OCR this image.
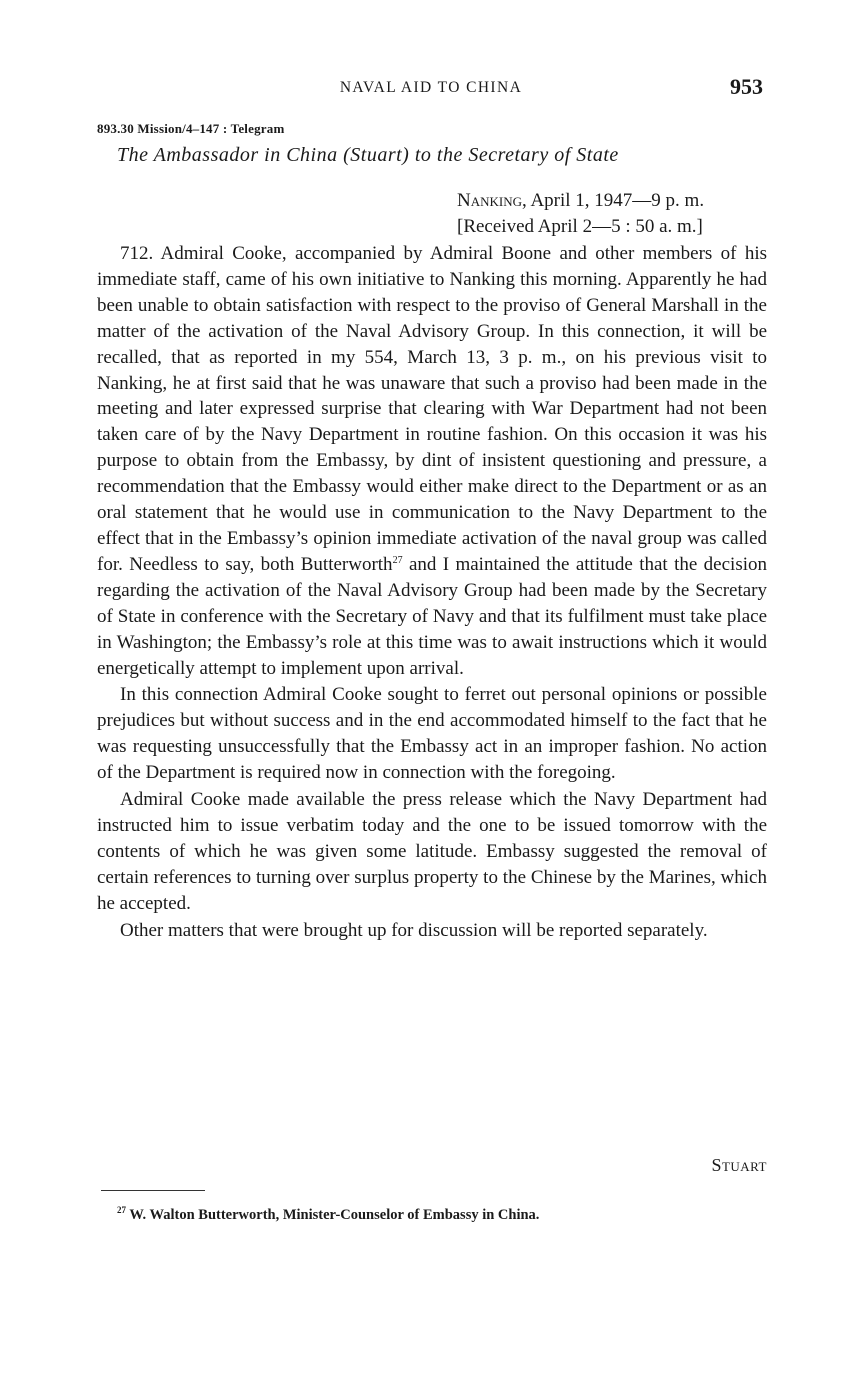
NAVAL AID TO CHINA	953
893.30 Mission/4–147 : Telegram
The Ambassador in China (Stuart) to the Secretary of State
Nanking, April 1, 1947—9 p. m.
[Received April 2—5 : 50 a. m.]

712. Admiral Cooke, accompanied by Admiral Boone and other members of his immediate staff, came of his own initiative to Nanking this morning. Apparently he had been unable to obtain satisfaction with respect to the proviso of General Marshall in the matter of the activation of the Naval Advisory Group. In this connection, it will be recalled, that as reported in my 554, March 13, 3 p. m., on his previous visit to Nanking, he at first said that he was unaware that such a proviso had been made in the meeting and later expressed surprise that clearing with War Department had not been taken care of by the Navy Department in routine fashion. On this occasion it was his purpose to obtain from the Embassy, by dint of insistent questioning and pressure, a recommendation that the Embassy would either make direct to the Department or as an oral statement that he would use in communication to the Navy Department to the effect that in the Embassy’s opinion immediate activation of the naval group was called for. Needless to say, both Butterworth$^{27}$ and I maintained the attitude that the decision regarding the activation of the Naval Advisory Group had been made by the Secretary of State in conference with the Secretary of Navy and that its fulfilment must take place in Washington; the Embassy’s role at this time was to await instructions which it would energetically attempt to implement upon arrival.

In this connection Admiral Cooke sought to ferret out personal opinions or possible prejudices but without success and in the end accommodated himself to the fact that he was requesting unsuccessfully that the Embassy act in an improper fashion. No action of the Department is required now in connection with the foregoing.

Admiral Cooke made available the press release which the Navy Department had instructed him to issue verbatim today and the one to be issued tomorrow with the contents of which he was given some latitude. Embassy suggested the removal of certain references to turning over surplus property to the Chinese by the Marines, which he accepted.

Other matters that were brought up for discussion will be reported separately.

Stuart
$^{27}$ W. Walton Butterworth, Minister-Counselor of Embassy in China.
